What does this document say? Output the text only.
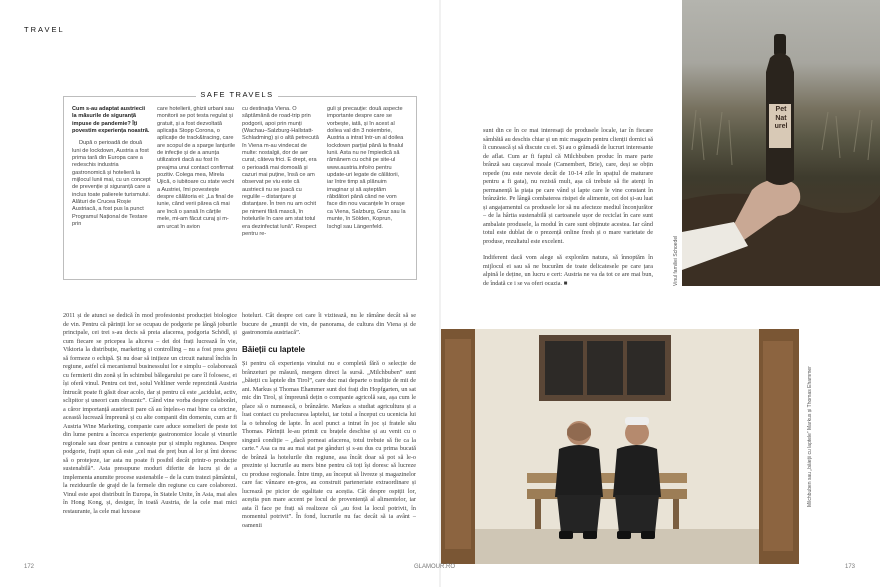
TRAVEL
SAFE TRAVELS

Cum s-au adaptat austriecii la măsurile de siguranță impuse de pandemie? Îți povestim experiența noastră.

După o perioadă de două luni de lockdown, Austria a fost prima tară din Europa care a redeschis industria gastronomică și hotelieră la mijlocul lunii mai, cu un concept de prevenție și siguranță care a inclus toate palierele turismului. Alături de Crucea Roșie Austriacă, a fost pus la punct Programul Național de Testare prin

care hotelierii, ghizii urbani sau monitorii se pot testa regulat și gratuit, și a fost dezvoltată aplicația Stopp Corona, o aplicație de track&tracing, care are scopul de a sparge lanțurile de infecție și de a anunța utilizatorii dacă au fost în preajma unui contact confirmat pozitiv. Colega mea, Mirela Ujică, o iubitoare cu state vechi a Austriei, îmi povestește despre călătoria ei: „La final de iunie, când verii părea că mai are încă o șansă în cărțile mele, mi-am făcut curaj și m-am urcat în avion

cu destinația Viena. O săptămână de road-trip prin podgorii, apoi prin munți (Wachau–Salzburg-Hallstatt-Schladming) și o altă petrecută în Viena m-au vindecat de multe: nostalgii, dor de aer curat, câteva frici. E drept, era o perioadă mai domoală și cazuri mai puține, însă ce am observat pe viu este că austriecii nu se joacă cu regulile – distanțare și distanțare. În tren nu am ochit pe nimeni fără mască, în hotelurile în care am stat totul era dezinfectat lună”. Respect pentru re-

guli și precauție: două aspecte importante despre care se vorbește, iată, și în acest al doilea val din 3 noiembrie, Austria a intrat într-un al doilea lockdown parțial până la finalul lunii. Asta nu ne împiedică să rămânem cu ochii pe site-ul www.austria.info/ro pentru update-uri legate de călătorii, iar între timp să plănuim imaginar și să așteptăm răbdători până când ne vom face din nou vacanțele în orașe ca Viena, Salzburg, Graz sau la munte, în Sölden, Koprun, Ischgl sau Längenfeld.

2011 și de atunci se dedică în mod profesionist producției biologice de vin. Pentru că părinții lor se ocupau de podgorie pe lângă joburile principale, cei trei s-au decis să preia afacerea, podgoria Schödl, și cum fiecare se pricepea la altceva – dei doi frați lucrează în vie, Viktoria la distribuție, marketing și controlling – nu a fost prea greu să formeze o echipă. Și nu doar să inițieze un circuit natural închis în regiune, astfel că mecanismul businessului lor e simplu – colaborează cu fermierii din zonă și în schimbul bălegarului pe care îl folosesc, ei își oferă vinul. Pentru cei trei, soiul Veltliner verde reprezintă Austria întrucât poate fi găsit doar acolo, dar și pentru că este „acidulat, activ, sclipitor și uneori cam obraznic”. Când vine vorba despre colaborări, a căror importanță austriecii pare că au înțeles-o mai bine ca oricine, această lucrează împreună și cu alte companii din domeniu, cum ar fi Austria Wine Marketing, companie care aduce somelieri de peste tot din lume pentru a încerca experiențe gastronomice locale și vinurile regionale sau doar pentru a cunoaște pur și simplu regiunea. Despre podgorie, frații spun că este „cel mai de preț bun al lor și îmi doresc să o protejeze, iar asta nu poate fi posibil decât printr-o producție sustenabilă”. Asta presupune moduri diferite de lucru și de a implementa anumite procese sustenabile – de la cum tratezi pământul, la reziduurile de grajd de la fermele din regiune cu care colaborezi. Vinul este apoi distribuit în Europa, în Statele Unite, în Asia, mai ales în Hong Kong, și, desigur, în toată Austria, de la cele mai mici restaurante, la cele mai luxoase

hoteluri. Cât despre cei care îi vizitează, nu le rămâne decât să se bucure de „munții de vin, de panorama, de cultura din Viena și de gastronomia austriacă”.

Băieții cu laptele

Și pentru că experiența vinului nu e completă fără o selecție de brânzeturi pe măsură, mergem direct la sursă. „Milchbuben” sunt „băieții cu laptele din Tirol”, care duc mai departe o tradiție de mii de ani. Markus și Thomas Ehammer sunt doi frați din Hopfgarten, un sat mic din Tirol, și împreună dețin o companie agricolă sau, așa cum le place să o numească, o brânzărie. Markus a studiat agricultura și a luat contact cu prelucrarea laptelui, iar totul a început cu ucenicia lui la o tehnolog de lapte. În acel punct a intrat în joc și fratele său Thomas. Părinții le-au primit cu brațele deschise și au venit cu o singură condiție – „dacă porneai afacerea, totul trebuie să fie ca la carte.” Asa ca nu au mai stat pe gânduri și s-au dus cu prima bucată de brânză la hotelurile din regiune, asa încât doar să pot să le-o prezinte și lucrurile au mers bine pentru că toți își doresc să lucreze cu produse regionale. Între timp, au început să livreze și magazinelor care fac vânzare en-gros, au construit parteneriate extraordinare și lucrează pe picior de egalitate cu aceștia. Cât despre ospiții lor, aceștia pun mare accent pe locul de proveniență al alimentelor, iar asta îl face pe frați să realizeze că „au fost la locul potrivit, în momentul potrivit”. În fond, lucrurile nu fac decât să ia avânt – oamenii

sunt din ce în ce mai interesați de produsele locale, iar în fiecare sâmbătă au deschis chiar și un mic magazin pentru clienții dornici să îi cunoască și să discute cu ei. Și au o grămadă de lucruri interesante de aflat. Cum ar fi faptul că Milchbuben produc în mare parte brânză sau cașcaval moale (Camembert, Brie), care, deși se obțin repede (nu este nevoie decât de 10-14 zile în spațiul de maturare pentru a fi gata), nu rezistă mult, așa că trebuie să fie atenți în permanență la piața pe care vând și lapte care le vine constant în brânzărie. Pe lângă combaterea risipei de alimente, cei doi și-au luat și angajamentul ca produsele lor să nu afecteze mediul înconjurător – de la hârtia sustenabilă și cartoanele ușor de reciclat în care sunt ambalate produsele, la modul în care sunt obținute acestea. Iar când totul este dublat de o prezență online fresh și o mare varietate de produse, rezultatul este excelent.

Indiferent dacă vom alege să explorăm natura, să înnoptăm în mijlocul ei sau să ne bucurăm de toate delicatesele pe care țara alpină le deține, un lucru e cert: Austria ne va da tot ce are mai bun, de îndată ce i se va oferi ocazia. ■

Pet
Nat
urel
Vinul familiei Schoedel
Milchbuben sau „băieții cu laptele” Markus și Thomas Ehammer
172	GLAMOUR.RO	173
